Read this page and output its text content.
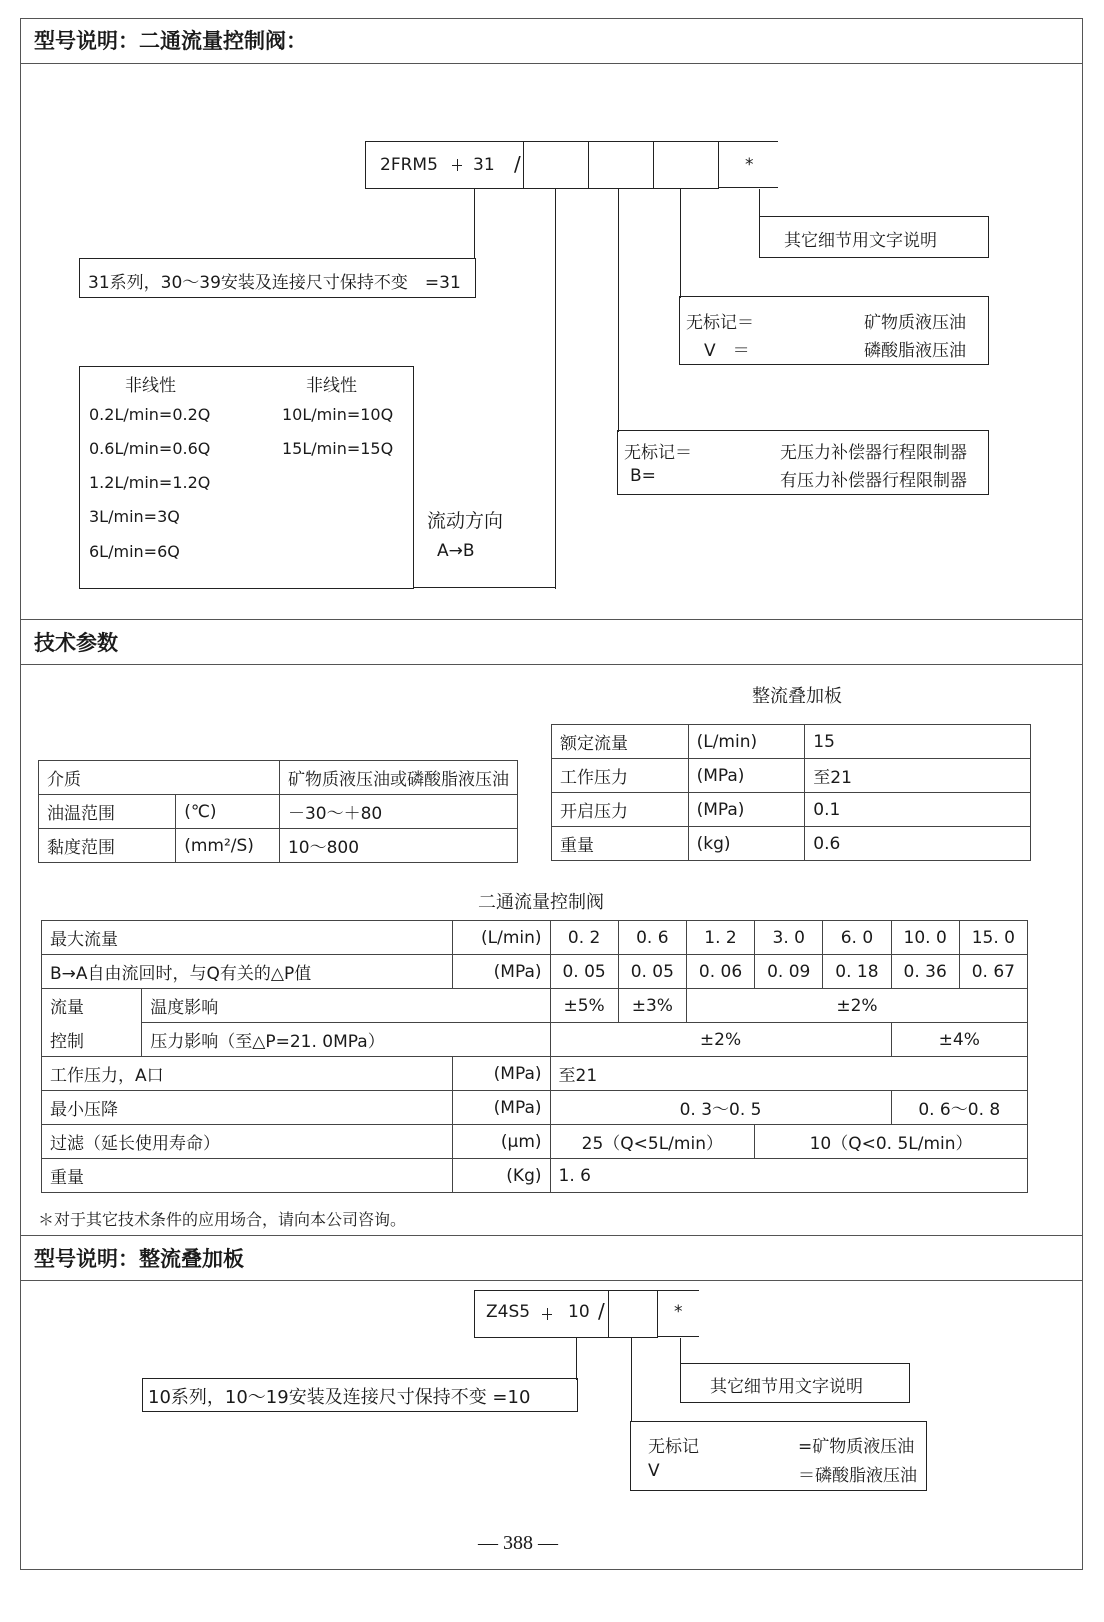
型号说明：二通流量控制阀：
2FRM5 31 /	*
其它细节用文字说明
31系列，30～39安装及连接尺寸保持不变　=31
无标记＝	矿物质液压油
V　＝	磷酸脂液压油
无标记＝	无压力补偿器行程限制器
B=	有压力补偿器行程限制器
非线性	非线性
0.2L/min=0.2Q
0.6L/min=0.6Q
1.2L/min=1.2Q
3L/min=3Q
6L/min=6Q
10L/min=10Q
15L/min=15Q
流动方向
A→B
技术参数
整流叠加板
介质		矿物质液压油或磷酸脂液压油
油温范围	(℃)	－30～＋80
黏度范围	(mm²/S)	10～800
额定流量	(L/min)	15
工作压力	(MPa)	至21
开启压力	(MPa)	0.1
重量	(kg)	0.6
二通流量控制阀
最大流量		(L/min)	0. 2	0. 6	1. 2	3. 0	6. 0	10. 0	15. 0
B→A自由流回时，与Q有关的△P值		(MPa)	0. 05	0. 05	0. 06	0. 09	0. 18	0. 36	0. 67
流量	温度影响		±5%	±3%	±2%				
控制	压力影响（至△P=21. 0MPa）		±2%					±4%	
工作压力，A口		(MPa)	至21						
最小压降		(MPa)	0. 3～0. 5					0. 6～0. 8	
过滤（延长使用寿命）		(μm)	25（Q<5L/min）			10（Q<0. 5L/min）			
重量		(Kg)	1. 6						
＊对于其它技术条件的应用场合，请向本公司咨询。
型号说明：整流叠加板
Z4S5 10 /	*
10系列，10～19安装及连接尺寸保持不变 =10	其它细节用文字说明
无标记	=矿物质液压油
V	＝磷酸脂液压油
— 388 —
